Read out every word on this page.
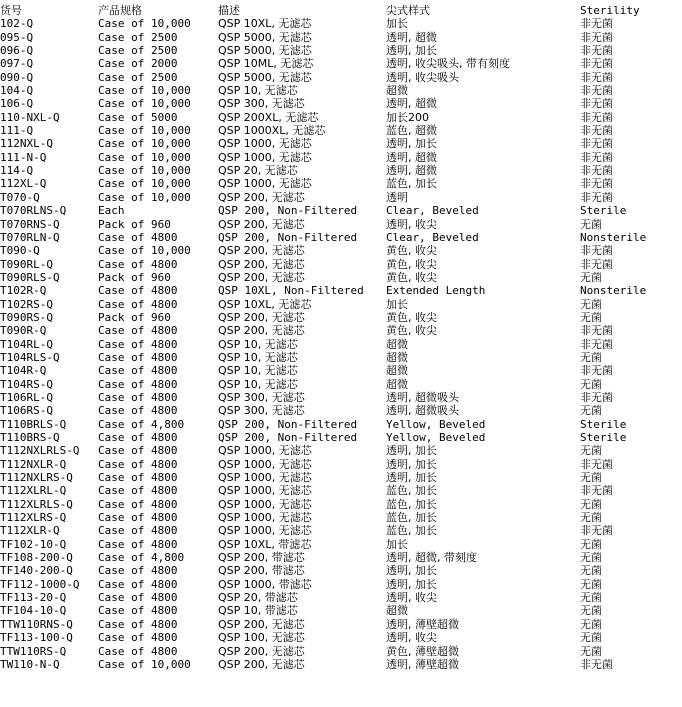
货号	产品规格	描述	尖式样式	Sterility
102-Q	Case of 10,000	QSP 10XL, 无滤芯	加长	非无菌
095-Q	Case of 2500	QSP 5000, 无滤芯	透明, 超微	非无菌
096-Q	Case of 2500	QSP 5000, 无滤芯	透明, 加长	非无菌
097-Q	Case of 2000	QSP 10ML, 无滤芯	透明, 收尖吸头, 带有刻度	非无菌
090-Q	Case of 2500	QSP 5000, 无滤芯	透明, 收尖吸头	非无菌
104-Q	Case of 10,000	QSP 10, 无滤芯	超微	非无菌
106-Q	Case of 10,000	QSP 300, 无滤芯	透明, 超微	非无菌
110-NXL-Q	Case of 5000	QSP 200XL, 无滤芯	加长200	非无菌
111-Q	Case of 10,000	QSP 1000XL, 无滤芯	蓝色, 超微	非无菌
112NXL-Q	Case of 10,000	QSP 1000, 无滤芯	透明, 加长	非无菌
111-N-Q	Case of 10,000	QSP 1000, 无滤芯	透明, 超微	非无菌
114-Q	Case of 10,000	QSP 20, 无滤芯	透明, 超微	非无菌
112XL-Q	Case of 10,000	QSP 1000, 无滤芯	蓝色, 加长	非无菌
T070-Q	Case of 10,000	QSP 200, 无滤芯	透明	非无菌
T070RLNS-Q	Each	QSP 200, Non-Filtered	Clear, Beveled	Sterile
T070RNS-Q	Pack of 960	QSP 200, 无滤芯	透明, 收尖	无菌
T070RLN-Q	Case of 4800	QSP 200, Non-Filtered	Clear, Beveled	Nonsterile
T090-Q	Case of 10,000	QSP 200, 无滤芯	黄色, 收尖	非无菌
T090RL-Q	Case of 4800	QSP 200, 无滤芯	黄色, 收尖	非无菌
T090RLS-Q	Pack of 960	QSP 200, 无滤芯	黄色, 收尖	无菌
T102R-Q	Case of 4800	QSP 10XL, Non-Filtered	Extended Length	Nonsterile
T102RS-Q	Case of 4800	QSP 10XL, 无滤芯	加长	无菌
T090RS-Q	Pack of 960	QSP 200, 无滤芯	黄色, 收尖	无菌
T090R-Q	Case of 4800	QSP 200, 无滤芯	黄色, 收尖	非无菌
T104RL-Q	Case of 4800	QSP 10, 无滤芯	超微	非无菌
T104RLS-Q	Case of 4800	QSP 10, 无滤芯	超微	无菌
T104R-Q	Case of 4800	QSP 10, 无滤芯	超微	非无菌
T104RS-Q	Case of 4800	QSP 10, 无滤芯	超微	无菌
T106RL-Q	Case of 4800	QSP 300, 无滤芯	透明, 超微吸头	非无菌
T106RS-Q	Case of 4800	QSP 300, 无滤芯	透明, 超微吸头	无菌
T110BRLS-Q	Case of 4,800	QSP 200, Non-Filtered	Yellow, Beveled	Sterile
T110BRS-Q	Case of 4800	QSP 200, Non-Filtered	Yellow, Beveled	Sterile
T112NXLRLS-Q	Case of 4800	QSP 1000, 无滤芯	透明, 加长	无菌
T112NXLR-Q	Case of 4800	QSP 1000, 无滤芯	透明, 加长	非无菌
T112NXLRS-Q	Case of 4800	QSP 1000, 无滤芯	透明, 加长	无菌
T112XLRL-Q	Case of 4800	QSP 1000, 无滤芯	蓝色, 加长	非无菌
T112XLRLS-Q	Case of 4800	QSP 1000, 无滤芯	蓝色, 加长	无菌
T112XLRS-Q	Case of 4800	QSP 1000, 无滤芯	蓝色, 加长	无菌
T112XLR-Q	Case of 4800	QSP 1000, 无滤芯	蓝色, 加长	非无菌
TF102-10-Q	Case of 4800	QSP 10XL, 带滤芯	加长	无菌
TF108-200-Q	Case of 4,800	QSP 200, 带滤芯	透明, 超微, 带刻度	无菌
TF140-200-Q	Case of 4800	QSP 200, 带滤芯	透明, 加长	无菌
TF112-1000-Q	Case of 4800	QSP 1000, 带滤芯	透明, 加长	无菌
TF113-20-Q	Case of 4800	QSP 20, 带滤芯	透明, 收尖	无菌
TF104-10-Q	Case of 4800	QSP 10, 带滤芯	超微	无菌
TTW110RNS-Q	Case of 4800	QSP 200, 无滤芯	透明, 薄壁超微	无菌
TF113-100-Q	Case of 4800	QSP 100, 无滤芯	透明, 收尖	无菌
TTW110RS-Q	Case of 4800	QSP 200, 无滤芯	黄色, 薄壁超微	无菌
TW110-N-Q	Case of 10,000	QSP 200, 无滤芯	透明, 薄壁超微	非无菌
